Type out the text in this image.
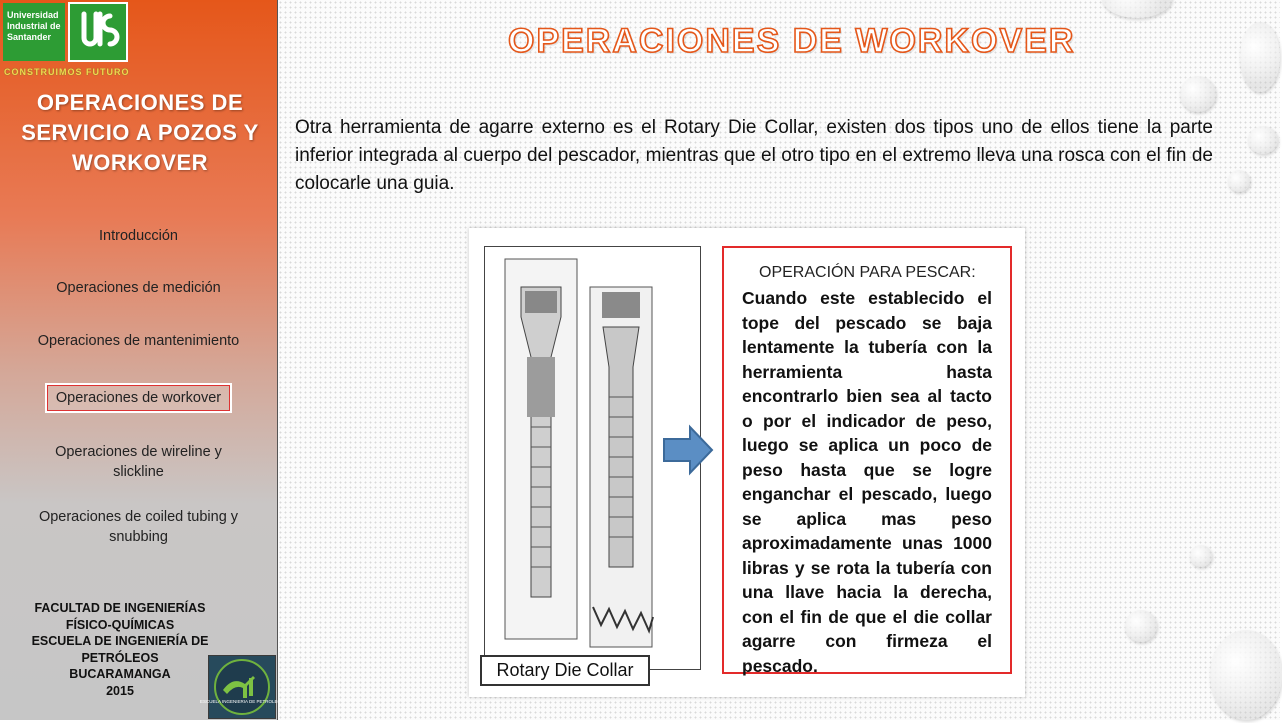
Universidad Industrial de Santander
CONSTRUIMOS FUTURO
OPERACIONES DE SERVICIO A POZOS Y WORKOVER
Introducción
Operaciones de medición
Operaciones de mantenimiento
Operaciones de workover
Operaciones de wireline y slickline
Operaciones de coiled tubing y snubbing
FACULTAD DE INGENIERÍAS FÍSICO-QUÍMICAS
ESCUELA DE INGENIERÍA DE PETRÓLEOS
BUCARAMANGA
2015
ESCUELA INGENIERIA DE PETROLEOS
OPERACIONES DE WORKOVER
Otra herramienta de agarre externo es el Rotary Die Collar, existen dos tipos uno de ellos tiene la parte inferior integrada al cuerpo del pescador, mientras que el otro tipo en el extremo lleva una rosca con el fin de colocarle una guia.
Rotary Die Collar
OPERACIÓN PARA PESCAR:
Cuando este establecido el tope del pescado se baja lentamente la tubería con la herramienta hasta encontrarlo bien sea al tacto o por el indicador de peso, luego se aplica un poco de peso hasta que se logre enganchar el pescado, luego se aplica mas peso aproximadamente unas 1000 libras y se rota la tubería con una llave hacia la derecha, con el fin de que el die collar agarre con firmeza el pescado.
